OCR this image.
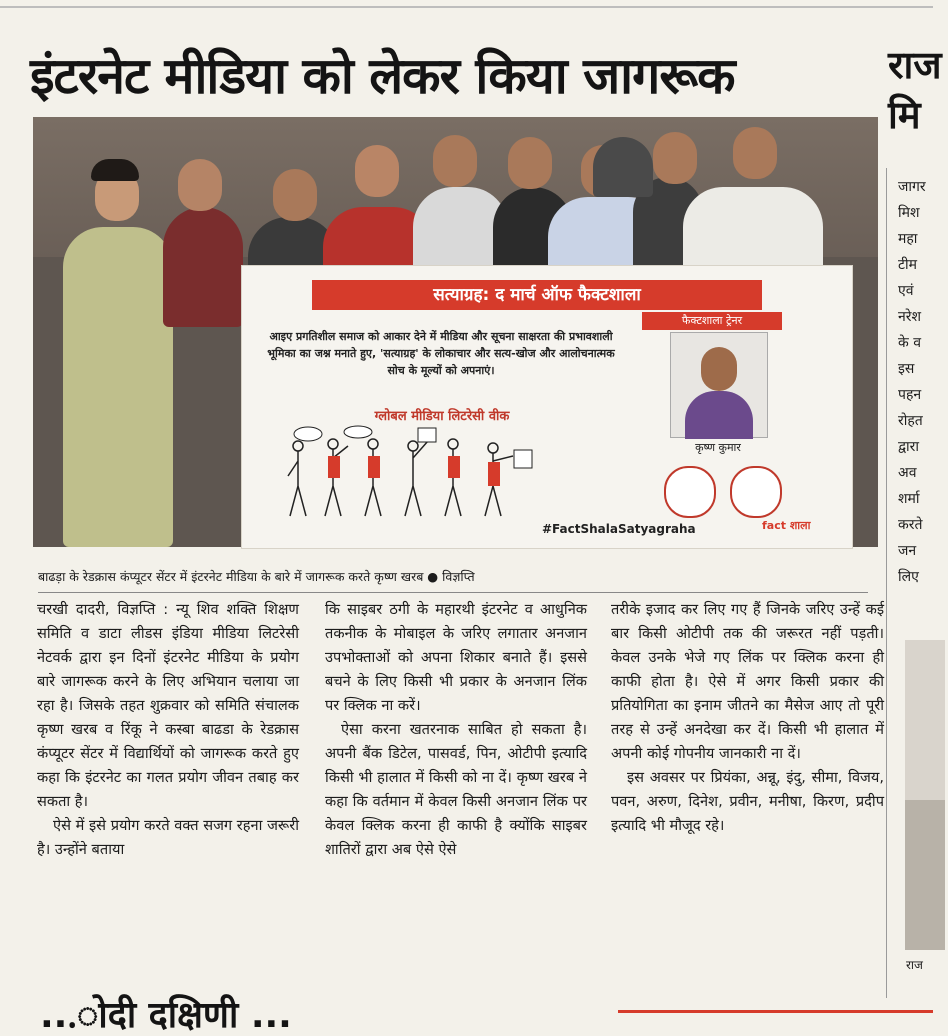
इंटरनेट मीडिया को लेकर किया जागरूक	राज
मि
सत्याग्रह: द मार्च ऑफ फैक्टशाला
आइए प्रगतिशील समाज को आकार देने में मीडिया और सूचना साक्षरता की प्रभावशाली भूमिका का जश्न मनाते हुए, 'सत्याग्रह' के लोकाचार और सत्य-खोज और आलोचनात्मक सोच के मूल्यों को अपनाएं।
ग्लोबल मीडिया लिटरेसी वीक
फैक्टशाला ट्रेनर
कृष्ण कुमार
#FactShalaSatyagraha	fact शाला
बाढड़ा के रेडक्रास कंप्यूटर सेंटर में इंटरनेट मीडिया के बारे में जागरूक करते कृष्ण खरब ● विज्ञप्ति

चरखी दादरी, विज्ञप्ति : न्यू शिव शक्ति शिक्षण समिति व डाटा लीडस इंडिया मीडिया लिटरेसी नेटवर्क द्वारा इन दिनों इंटरनेट मीडिया के प्रयोग बारे जागरूक करने के लिए अभियान चलाया जा रहा है। जिसके तहत शुक्रवार को समिति संचालक कृष्ण खरब व रिंकू ने कस्बा बाढडा के रेडक्रास कंप्यूटर सेंटर में विद्यार्थियों को जागरूक करते हुए कहा कि इंटरनेट का गलत प्रयोग जीवन तबाह कर सकता है।

ऐसे में इसे प्रयोग करते वक्त सजग रहना जरूरी है। उन्होंने बताया

कि साइबर ठगी के महारथी इंटरनेट व आधुनिक तकनीक के मोबाइल के जरिए लगातार अनजान उपभोक्ताओं को अपना शिकार बनाते हैं। इससे बचने के लिए किसी भी प्रकार के अनजान लिंक पर क्लिक ना करें।

ऐसा करना खतरनाक साबित हो सकता है। अपनी बैंक डिटेल, पासवर्ड, पिन, ओटीपी इत्यादि किसी भी हालात में किसी को ना दें। कृष्ण खरब ने कहा कि वर्तमान में केवल किसी अनजान लिंक पर केवल क्लिक करना ही काफी है क्योंकि साइबर शातिरों द्वारा अब ऐसे ऐसे

तरीके इजाद कर लिए गए हैं जिनके जरिए उन्हें कई बार किसी ओटीपी तक की जरूरत नहीं पड़ती। केवल उनके भेजे गए लिंक पर क्लिक करना ही काफी होता है। ऐसे में अगर किसी प्रकार की प्रतियोगिता का इनाम जीतने का मैसेज आए तो पूरी तरह से उन्हें अनदेखा कर दें। किसी भी हालात में अपनी कोई गोपनीय जानकारी ना दें।

इस अवसर पर प्रियंका, अन्नू, इंदु, सीमा, विजय, पवन, अरुण, दिनेश, प्रवीन, मनीषा, किरण, प्रदीप इत्यादि भी मौजूद रहे।

जागर
मिश
महा
टीम
एवं
नरेश
के व
इस
पहन
रोहत
द्वारा
अव
शर्मा
करते
जन
लिए
राज
...ोदी दक्षिणी ...
